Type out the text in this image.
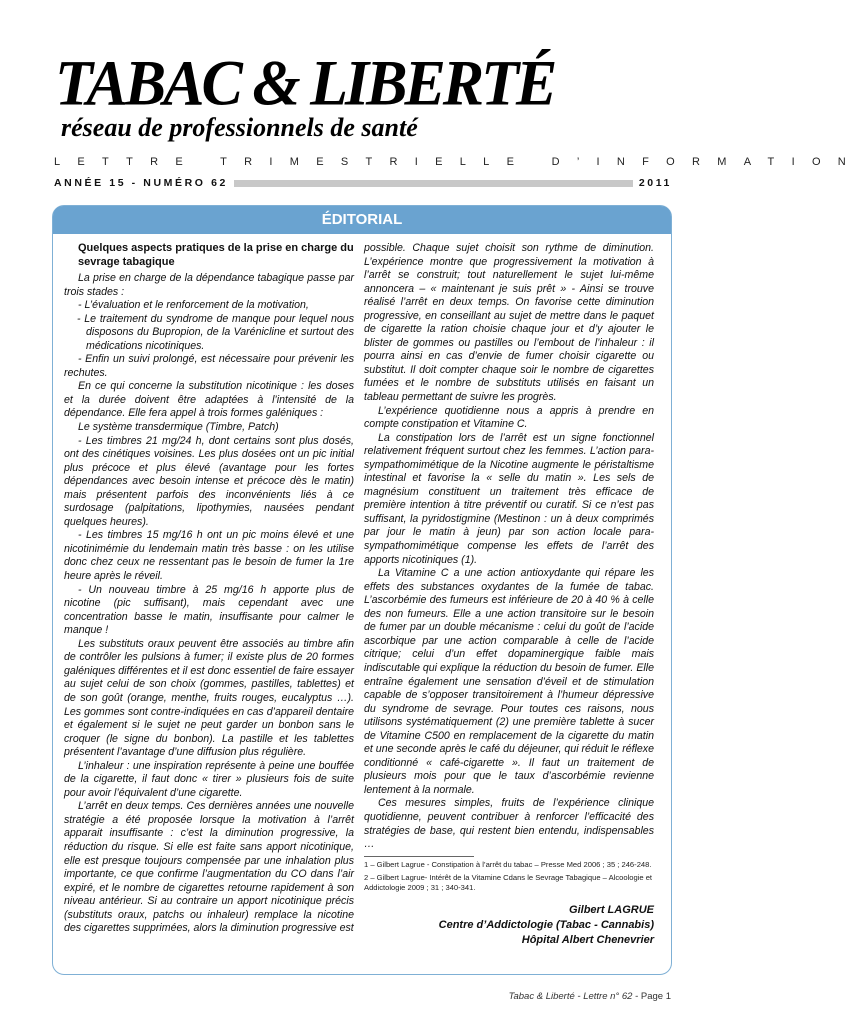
TABAC & LIBERTÉ
réseau de professionnels de santé
LETTRE TRIMESTRIELLE D’INFORMATION
ANNÉE 15 - NUMÉRO 62	2011
ÉDITORIAL

Quelques aspects pratiques de la prise en charge du sevrage tabagique

La prise en charge de la dépendance tabagique passe par trois stades :

- L’évaluation et le renforcement de la motivation,

- Le traitement du syndrome de manque pour lequel nous disposons du Bupropion, de la Varénicline et surtout des médications nicotiniques.

- Enfin un suivi prolongé, est nécessaire pour prévenir les rechutes.

En ce qui concerne la substitution nicotinique : les doses et la durée doivent être adaptées à l’intensité de la dépendance. Elle fera appel à trois formes galéniques :

Le système transdermique (Timbre, Patch)

- Les timbres 21 mg/24 h, dont certains sont plus dosés, ont des cinétiques voisines. Les plus dosées ont un pic initial plus précoce et plus élevé (avantage pour les fortes dépendances avec besoin intense et précoce dès le matin) mais présentent parfois des inconvénients liés à ce surdosage (palpitations, lipothymies, nausées pendant quelques heures).

- Les timbres 15 mg/16 h ont un pic moins élevé et une nicotinimémie du lendemain matin très basse : on les utilise donc chez ceux ne ressentant pas le besoin de fumer la 1re heure après le réveil.

- Un nouveau timbre à 25 mg/16 h apporte plus de nicotine (pic suffisant), mais cependant avec une concentration basse le matin, insuffisante pour calmer le manque !

Les substituts oraux peuvent être associés au timbre afin de contrôler les pulsions à fumer; il existe plus de 20 formes galéniques différentes et il est donc essentiel de faire essayer au sujet celui de son choix (gommes, pastilles, tablettes) et de son goût (orange, menthe, fruits rouges, eucalyptus …). Les gommes sont contre-indiquées en cas d’appareil dentaire et également si le sujet ne peut garder un bonbon sans le croquer (le signe du bonbon). La pastille et les tablettes présentent l’avantage d’une diffusion plus régulière.

L’inhaleur : une inspiration représente à peine une bouffée de la cigarette, il faut donc « tirer » plusieurs fois de suite pour avoir l’équivalent d’une cigarette.

L’arrêt en deux temps. Ces dernières années une nouvelle stratégie a été proposée lorsque la motivation à l’arrêt apparait insuffisante : c’est la diminution progressive, la réduction du risque. Si elle est faite sans apport nicotinique, elle est presque toujours compensée par une inhalation plus importante, ce que confirme l’augmentation du CO dans l’air expiré, et le nombre de cigarettes retourne rapidement à son niveau antérieur. Si au contraire un apport nicotinique précis (substituts oraux, patchs ou inhaleur) remplace la nicotine des cigarettes supprimées, alors la diminution progressive est

possible. Chaque sujet choisit son rythme de diminution. L’expérience montre que progressivement la motivation à l’arrêt se construit; tout naturellement le sujet lui-même annoncera – « maintenant je suis prêt » - Ainsi se trouve réalisé l’arrêt en deux temps. On favorise cette diminution progressive, en conseillant au sujet de mettre dans le paquet de cigarette la ration choisie chaque jour et d’y ajouter le blister de gommes ou pastilles ou l’embout de l’inhaleur : il pourra ainsi en cas d’envie de fumer choisir cigarette ou substitut. Il doit compter chaque soir le nombre de cigarettes fumées et le nombre de substituts utilisés en faisant un tableau permettant de suivre les progrès.

L’expérience quotidienne nous a appris à prendre en compte constipation et Vitamine C.

La constipation lors de l’arrêt est un signe fonctionnel relativement fréquent surtout chez les femmes. L’action para-sympathomimétique de la Nicotine augmente le péristaltisme intestinal et favorise la « selle du matin ». Les sels de magnésium constituent un traitement très efficace de première intention à titre préventif ou curatif. Si ce n’est pas suffisant, la pyridostigmine (Mestinon : un à deux comprimés par jour le matin à jeun) par son action locale para-sympathomimétique compense les effets de l’arrêt des apports nicotiniques (1).

La Vitamine C a une action antioxydante qui répare les effets des substances oxydantes de la fumée de tabac. L’ascorbémie des fumeurs est inférieure de 20 à 40 % à celle des non fumeurs. Elle a une action transitoire sur le besoin de fumer par un double mécanisme : celui du goût de l’acide ascorbique par une action comparable à celle de l’acide citrique; celui d’un effet dopaminergique faible mais indiscutable qui explique la réduction du besoin de fumer. Elle entraîne également une sensation d’éveil et de stimulation capable de s’opposer transitoirement à l’humeur dépressive du syndrome de sevrage. Pour toutes ces raisons, nous utilisons systématiquement (2) une première tablette à sucer de Vitamine C500 en remplacement de la cigarette du matin et une seconde après le café du déjeuner, qui réduit le réflexe conditionné « café-cigarette ». Il faut un traitement de plusieurs mois pour que le taux d’ascorbémie revienne lentement à la normale.

Ces mesures simples, fruits de l’expérience clinique quotidienne, peuvent contribuer à renforcer l’efficacité des stratégies de base, qui restent bien entendu, indispensables …

1 – Gilbert Lagrue - Constipation à l’arrêt du tabac – Presse Med 2006 ; 35 ; 246-248.

2 – Gilbert Lagrue- Intérêt de la Vitamine Cdans le Sevrage Tabagique – Alcoologie et Addictologie 2009 ; 31 ; 340-341.

Gilbert LAGRUE

Centre d’Addictologie (Tabac - Cannabis)

Hôpital Albert Chenevrier

Tabac & Liberté - Lettre n° 62 - Page 1
